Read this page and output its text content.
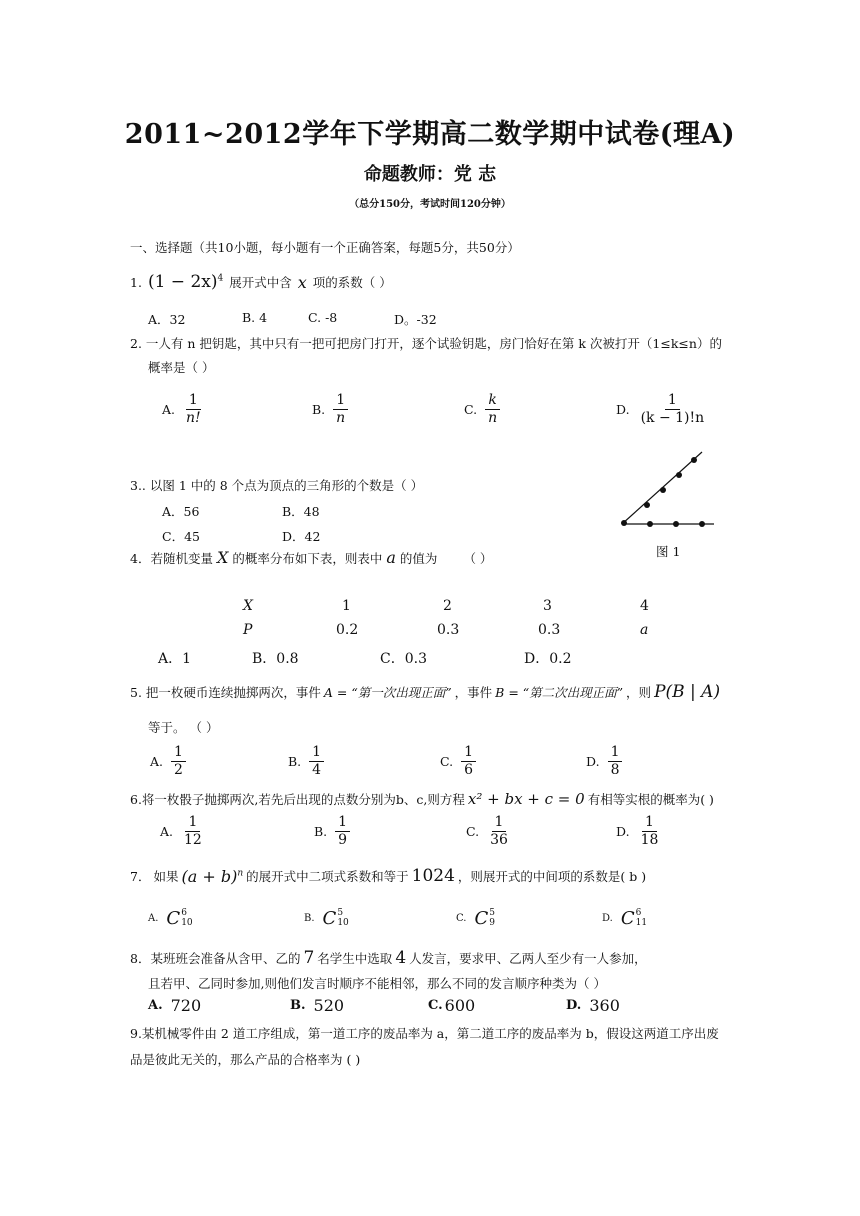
2011~2012学年下学期高二数学期中试卷(理A)
命题教师：党 志
（总分150分，考试时间120分钟）
一、选择题（共10小题，每小题有一个正确答案，每题5分，共50分）
1. $(1 - 2x)^4$ 展开式中含 x 项的系数（ ）
A．32	B. 4	C. -8	D。-32
2. 一人有 n 把钥匙，其中只有一把可把房门打开，逐个试验钥匙，房门恰好在第 k 次被打开（1≤k≤n）的
概率是（ ）
A. $\frac{1}{n!}$	B. $\frac{1}{n}$	C. $\frac{k}{n}$	D. $\frac{1}{(k - 1)!n}$
3.. 以图 1 中的 8 个点为顶点的三角形的个数是（ ）
A．56	B．48
C．45	D．42
图 1
4．若随机变量 X 的概率分布如下表，则表中 a 的值为 （ ）
X	1	2	3	4
P	0.2	0.3	0.3	a
A．1	B．0.8	C．0.3	D．0.2
5. 把一枚硬币连续抛掷两次，事件 A = “第一次出现正面” ，事件 B = “第二次出现正面” ，则 P(B | A)
等于。 （ ）
A. $\frac{1}{2}$	B. $\frac{1}{4}$	C. $\frac{1}{6}$	D. $\frac{1}{8}$
6.将一枚骰子抛掷两次,若先后出现的点数分别为b、c,则方程 x² + bx + c = 0 有相等实根的概率为( )
A. $\frac{1}{12}$	B. $\frac{1}{9}$	C. $\frac{1}{36}$	D. $\frac{1}{18}$
7． 如果 $(a + b)^n$ 的展开式中二项式系数和等于 1024 ，则展开式的中间项的系数是( b )
A. C 6
10	B. C 5
10	C. C 5
9	D. C 6
11
8．某班班会准备从含甲、乙的 7 名学生中选取 4 人发言，要求甲、乙两人至少有一人参加，
且若甲、乙同时参加,则他们发言时顺序不能相邻，那么不同的发言顺序种类为（ ）
A. 720	B. 520	C. 600	D. 360
9.某机械零件由 2 道工序组成，第一道工序的废品率为 a，第二道工序的废品率为 b，假设这两道工序出废
品是彼此无关的，那么产品的合格率为 ( )
